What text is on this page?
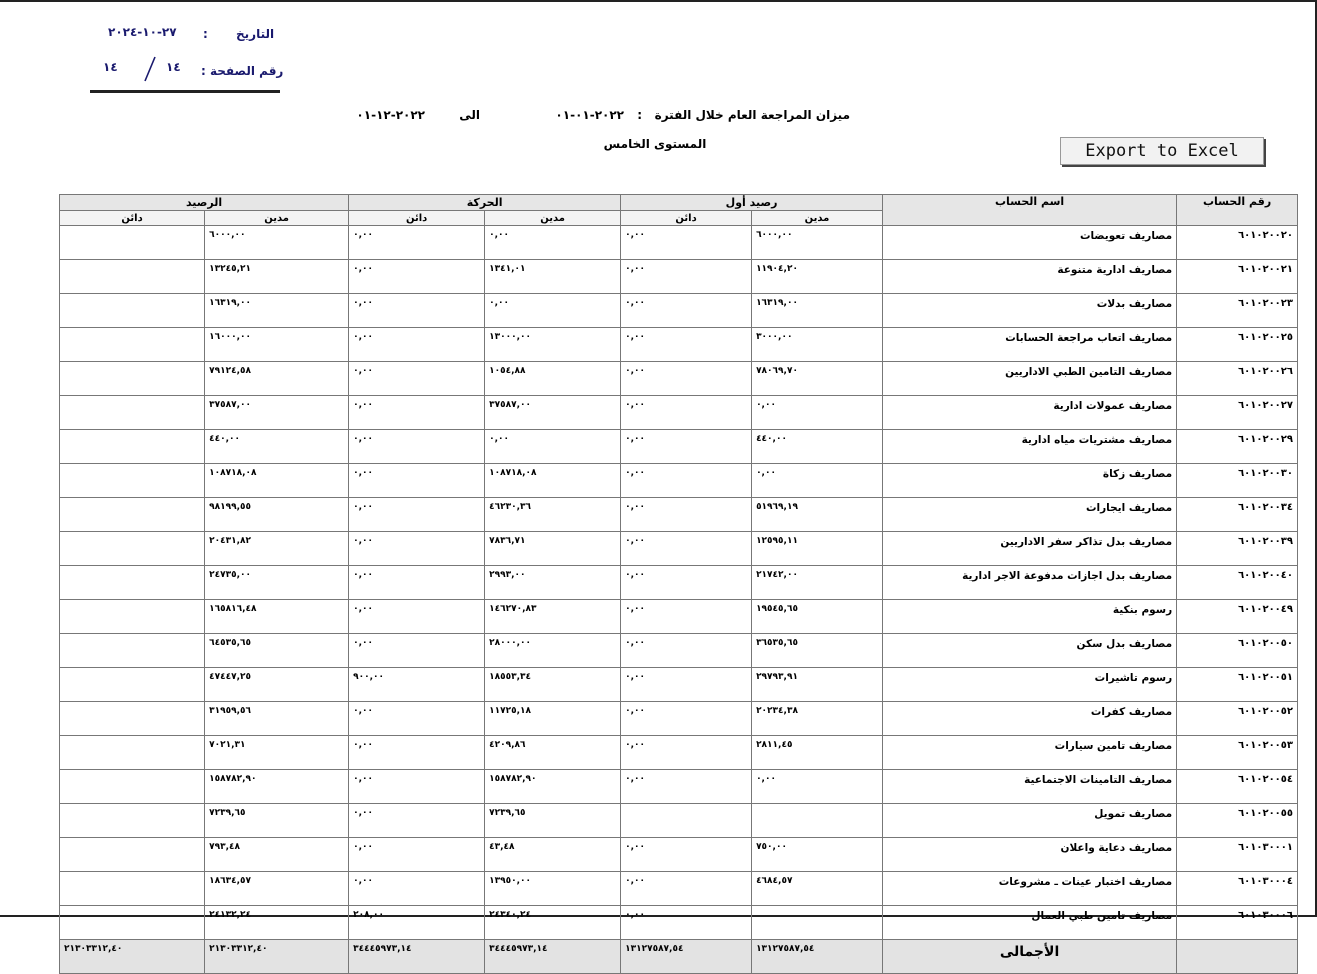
التاريخ
:
٢٧-١٠-٢٠٢٤
رقم الصفحة :
١٤
١٤
ميزان المراجعة العام خلال الفترة
:
٢٠٢٢-٠١-٠١
الى
٢٠٢٢-١٢-٠١
المستوى الخامس	Export to Excel
رقم الحساب	اسم الحساب	رصيد أول		الحركة		الرصيد	
		مدين	دائن	مدين	دائن	مدين	دائن
٦٠١٠٢٠٠٢٠	مصاريف تعويضات	٦٠٠٠,٠٠	٠,٠٠	٠,٠٠	٠,٠٠	٦٠٠٠,٠٠	
٦٠١٠٢٠٠٢١	مصاريف ادارية متنوعة	١١٩٠٤,٢٠	٠,٠٠	١٣٤١,٠١	٠,٠٠	١٣٢٤٥,٢١	
٦٠١٠٢٠٠٢٣	مصاريف بدلات	١٦٣١٩,٠٠	٠,٠٠	٠,٠٠	٠,٠٠	١٦٣١٩,٠٠	
٦٠١٠٢٠٠٢٥	مصاريف اتعاب مراجعة الحسابات	٣٠٠٠,٠٠	٠,٠٠	١٣٠٠٠,٠٠	٠,٠٠	١٦٠٠٠,٠٠	
٦٠١٠٢٠٠٢٦	مصاريف التامين الطبي الاداريين	٧٨٠٦٩,٧٠	٠,٠٠	١٠٥٤,٨٨	٠,٠٠	٧٩١٢٤,٥٨	
٦٠١٠٢٠٠٢٧	مصاريف عمولات ادارية	٠,٠٠	٠,٠٠	٣٧٥٨٧,٠٠	٠,٠٠	٣٧٥٨٧,٠٠	
٦٠١٠٢٠٠٢٩	مصاريف مشتريات مياه ادارية	٤٤٠,٠٠	٠,٠٠	٠,٠٠	٠,٠٠	٤٤٠,٠٠	
٦٠١٠٢٠٠٣٠	مصاريف زكاة	٠,٠٠	٠,٠٠	١٠٨٧١٨,٠٨	٠,٠٠	١٠٨٧١٨,٠٨	
٦٠١٠٢٠٠٣٤	مصاريف ايجارات	٥١٩٦٩,١٩	٠,٠٠	٤٦٢٣٠,٣٦	٠,٠٠	٩٨١٩٩,٥٥	
٦٠١٠٢٠٠٣٩	مصاريف بدل تذاكر سفر الاداريين	١٢٥٩٥,١١	٠,٠٠	٧٨٣٦,٧١	٠,٠٠	٢٠٤٣١,٨٢	
٦٠١٠٢٠٠٤٠	مصاريف بدل اجازات مدفوعة الاجر ادارية	٢١٧٤٢,٠٠	٠,٠٠	٢٩٩٣,٠٠	٠,٠٠	٢٤٧٣٥,٠٠	
٦٠١٠٢٠٠٤٩	رسوم بنكية	١٩٥٤٥,٦٥	٠,٠٠	١٤٦٢٧٠,٨٣	٠,٠٠	١٦٥٨١٦,٤٨	
٦٠١٠٢٠٠٥٠	مصاريف بدل سكن	٣٦٥٣٥,٦٥	٠,٠٠	٢٨٠٠٠,٠٠	٠,٠٠	٦٤٥٣٥,٦٥	
٦٠١٠٢٠٠٥١	رسوم تاشيرات	٢٩٧٩٣,٩١	٠,٠٠	١٨٥٥٣,٣٤	٩٠٠,٠٠	٤٧٤٤٧,٢٥	
٦٠١٠٢٠٠٥٢	مصاريف كفرات	٢٠٢٣٤,٣٨	٠,٠٠	١١٧٢٥,١٨	٠,٠٠	٣١٩٥٩,٥٦	
٦٠١٠٢٠٠٥٣	مصاريف تامين سيارات	٢٨١١,٤٥	٠,٠٠	٤٢٠٩,٨٦	٠,٠٠	٧٠٢١,٣١	
٦٠١٠٢٠٠٥٤	مصاريف التامينات الاجتماعية	٠,٠٠	٠,٠٠	١٥٨٧٨٢,٩٠	٠,٠٠	١٥٨٧٨٢,٩٠	
٦٠١٠٢٠٠٥٥	مصاريف تمويل			٧٢٣٩,٦٥	٠,٠٠	٧٢٣٩,٦٥	
٦٠١٠٣٠٠٠١	مصاريف دعاية واعلان	٧٥٠,٠٠	٠,٠٠	٤٣,٤٨	٠,٠٠	٧٩٣,٤٨	
٦٠١٠٣٠٠٠٤	مصاريف اختبار عينات ـ مشروعات	٤٦٨٤,٥٧	٠,٠٠	١٣٩٥٠,٠٠	٠,٠٠	١٨٦٣٤,٥٧	
٦٠١٠٣٠٠٠٦	مصاريف تامين طبي العمال		٠,٠٠	٢٤٣٤٠,٢٤	٢٠٨,٠٠	٢٤١٣٢,٢٤	
	الأجمالى	١٣١٢٧٥٨٧,٥٤	١٣١٢٧٥٨٧,٥٤	٣٤٤٤٥٩٧٣,١٤	٣٤٤٤٥٩٧٣,١٤	٢١٣٠٣٣١٢,٤٠	٢١٣٠٣٣١٢,٤٠
